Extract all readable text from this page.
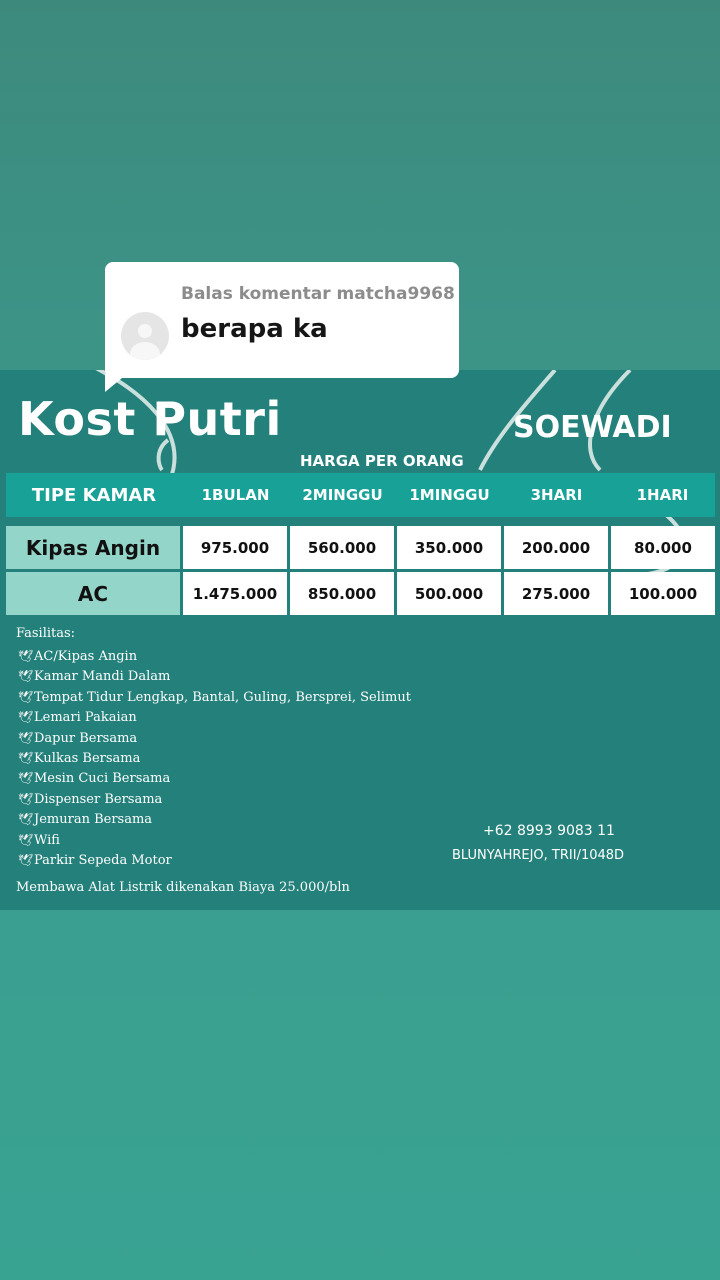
Kost Putri	SOEWADI
HARGA PER ORANG
TIPE KAMAR	1BULAN	2MINGGU	1MINGGU	3HARI	1HARI
Kipas Angin	975.000	560.000	350.000	200.000	80.000
AC	1.475.000	850.000	500.000	275.000	100.000
Fasilitas:
🕊AC/Kipas Angin
🕊Kamar Mandi Dalam
🕊Tempat Tidur Lengkap, Bantal, Guling, Bersprei, Selimut
🕊Lemari Pakaian
🕊Dapur Bersama
🕊Kulkas Bersama
🕊Mesin Cuci Bersama
🕊Dispenser Bersama
🕊Jemuran Bersama
🕊Wifi
🕊Parkir Sepeda Motor
Membawa Alat Listrik dikenakan Biaya 25.000/bln
+62 8993 9083 11
BLUNYAHREJO, TRII/1048D
Balas komentar matcha9968
berapa ka
